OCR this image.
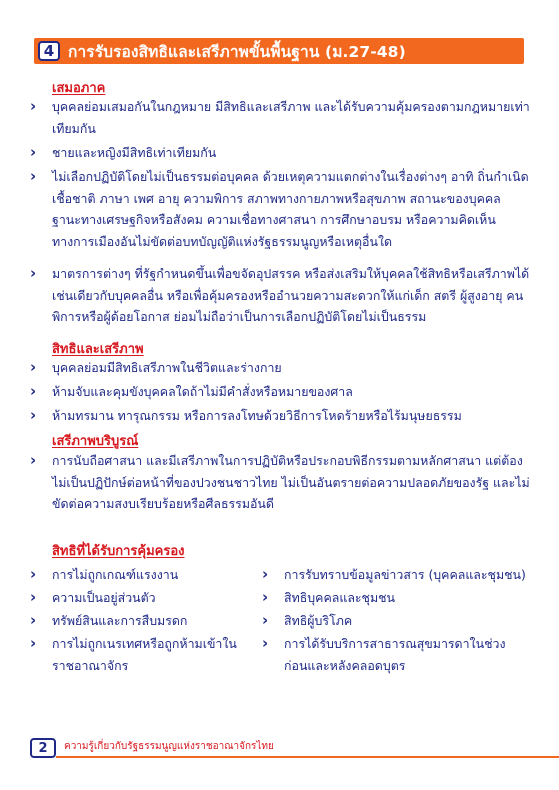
4 การรับรองสิทธิและเสรีภาพขั้นพื้นฐาน (ม.27-48)
เสมอภาค
› บุคคลย่อมเสมอกันในกฎหมาย มีสิทธิและเสรีภาพ และได้รับความคุ้มครองตามกฎหมายเท่าเทียมกัน
› ชายและหญิงมีสิทธิเท่าเทียมกัน
› ไม่เลือกปฏิบัติโดยไม่เป็นธรรมต่อบุคคล ด้วยเหตุความแตกต่างในเรื่องต่างๆ อาทิ ถิ่นกำเนิด เชื้อชาติ ภาษา เพศ อายุ ความพิการ สภาพทางกายภาพหรือสุขภาพ สถานะของบุคคล ฐานะทางเศรษฐกิจหรือสังคม ความเชื่อทางศาสนา การศึกษาอบรม หรือความคิดเห็นทางการเมืองอันไม่ขัดต่อบทบัญญัติแห่งรัฐธรรมนูญหรือเหตุอื่นใด
› มาตรการต่างๆ ที่รัฐกำหนดขึ้นเพื่อขจัดอุปสรรค หรือส่งเสริมให้บุคคลใช้สิทธิหรือเสรีภาพได้เช่นเดียวกับบุคคลอื่น หรือเพื่อคุ้มครองหรืออำนวยความสะดวกให้แก่เด็ก สตรี ผู้สูงอายุ คนพิการหรือผู้ด้อยโอกาส ย่อมไม่ถือว่าเป็นการเลือกปฏิบัติโดยไม่เป็นธรรม
สิทธิและเสรีภาพ
› บุคคลย่อมมีสิทธิเสรีภาพในชีวิตและร่างกาย
› ห้ามจับและคุมขังบุคคลใดถ้าไม่มีคำสั่งหรือหมายของศาล
› ห้ามทรมาน ทารุณกรรม หรือการลงโทษด้วยวิธีการโหดร้ายหรือไร้มนุษยธรรม
เสรีภาพบริบูรณ์
› การนับถือศาสนา และมีเสรีภาพในการปฏิบัติหรือประกอบพิธีกรรมตามหลักศาสนา แต่ต้องไม่เป็นปฏิปักษ์ต่อหน้าที่ของปวงชนชาวไทย ไม่เป็นอันตรายต่อความปลอดภัยของรัฐ และไม่ขัดต่อความสงบเรียบร้อยหรือศีลธรรมอันดี
สิทธิที่ได้รับการคุ้มครอง
› การไม่ถูกเกณฑ์แรงงาน
› ความเป็นอยู่ส่วนตัว
› ทรัพย์สินและการสืบมรดก
› การไม่ถูกเนรเทศหรือถูกห้ามเข้าในราชอาณาจักร
› การรับทราบข้อมูลข่าวสาร (บุคคลและชุมชน)
› สิทธิบุคคลและชุมชน
› สิทธิผู้บริโภค
› การได้รับบริการสาธารณสุขมารดาในช่วงก่อนและหลังคลอดบุตร
2	ความรู้เกี่ยวกับรัฐธรรมนูญแห่งราชอาณาจักรไทย
